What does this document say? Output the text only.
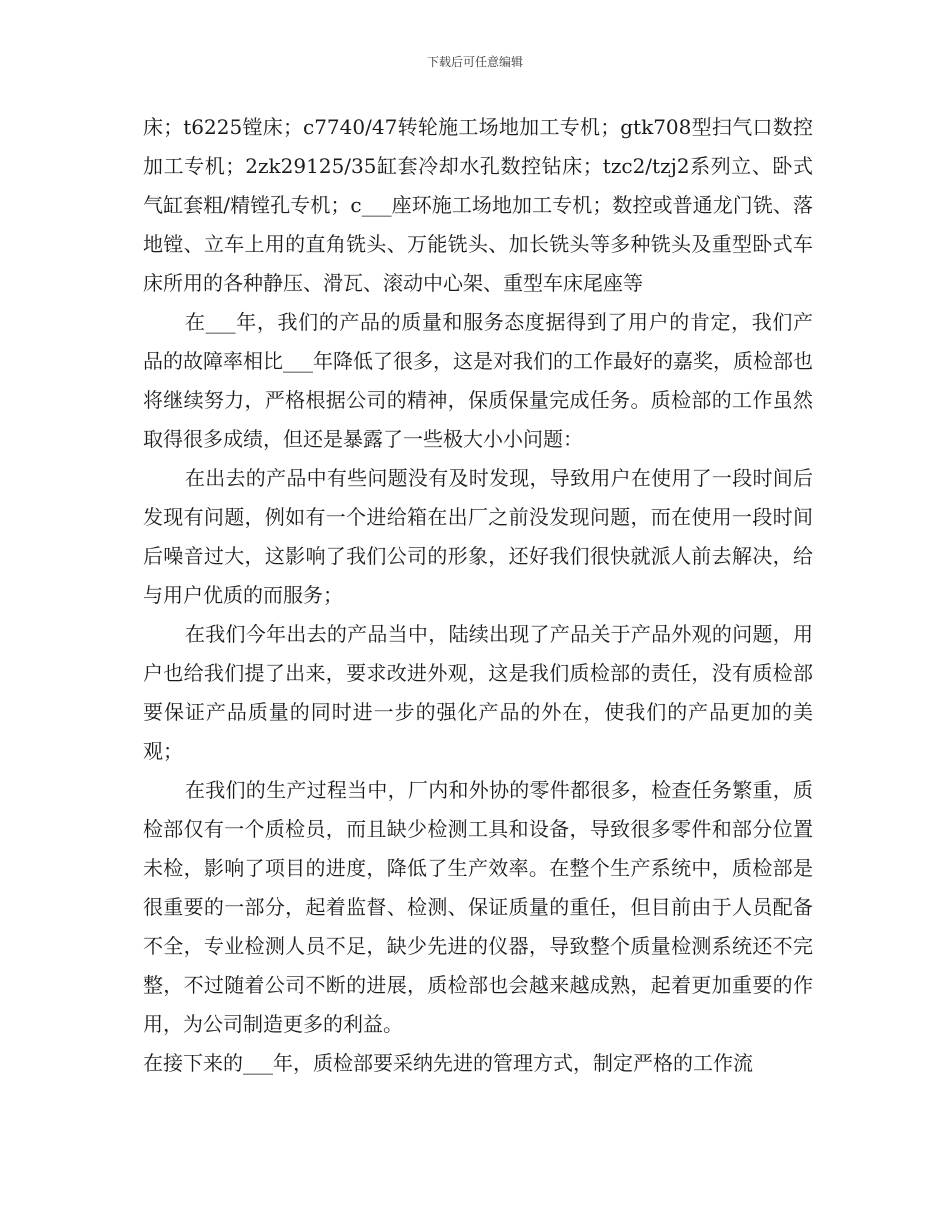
下载后可任意编辑

床；t6225镗床；c7740/47转轮施工场地加工专机；gtk708型扫气口数控加工专机；2zk29125/35缸套冷却水孔数控钻床；tzc2/tzj2系列立、卧式气缸套粗/精镗孔专机；c___座环施工场地加工专机；数控或普通龙门铣、落地镗、立车上用的直角铣头、万能铣头、加长铣头等多种铣头及重型卧式车床所用的各种静压、滑瓦、滚动中心架、重型车床尾座等

在___年，我们的产品的质量和服务态度据得到了用户的肯定，我们产品的故障率相比___年降低了很多，这是对我们的工作最好的嘉奖，质检部也将继续努力，严格根据公司的精神，保质保量完成任务。质检部的工作虽然取得很多成绩，但还是暴露了一些极大小小问题：

在出去的产品中有些问题没有及时发现，导致用户在使用了一段时间后发现有问题，例如有一个进给箱在出厂之前没发现问题，而在使用一段时间后噪音过大，这影响了我们公司的形象，还好我们很快就派人前去解决，给与用户优质的而服务；

在我们今年出去的产品当中，陆续出现了产品关于产品外观的问题，用户也给我们提了出来，要求改进外观，这是我们质检部的责任，没有质检部要保证产品质量的同时进一步的强化产品的外在，使我们的产品更加的美观；

在我们的生产过程当中，厂内和外协的零件都很多，检查任务繁重，质检部仅有一个质检员，而且缺少检测工具和设备，导致很多零件和部分位置未检，影响了项目的进度，降低了生产效率。在整个生产系统中，质检部是很重要的一部分，起着监督、检测、保证质量的重任，但目前由于人员配备不全，专业检测人员不足，缺少先进的仪器，导致整个质量检测系统还不完整，不过随着公司不断的进展，质检部也会越来越成熟，起着更加重要的作用，为公司制造更多的利益。

在接下来的___年，质检部要采纳先进的管理方式，制定严格的工作流
